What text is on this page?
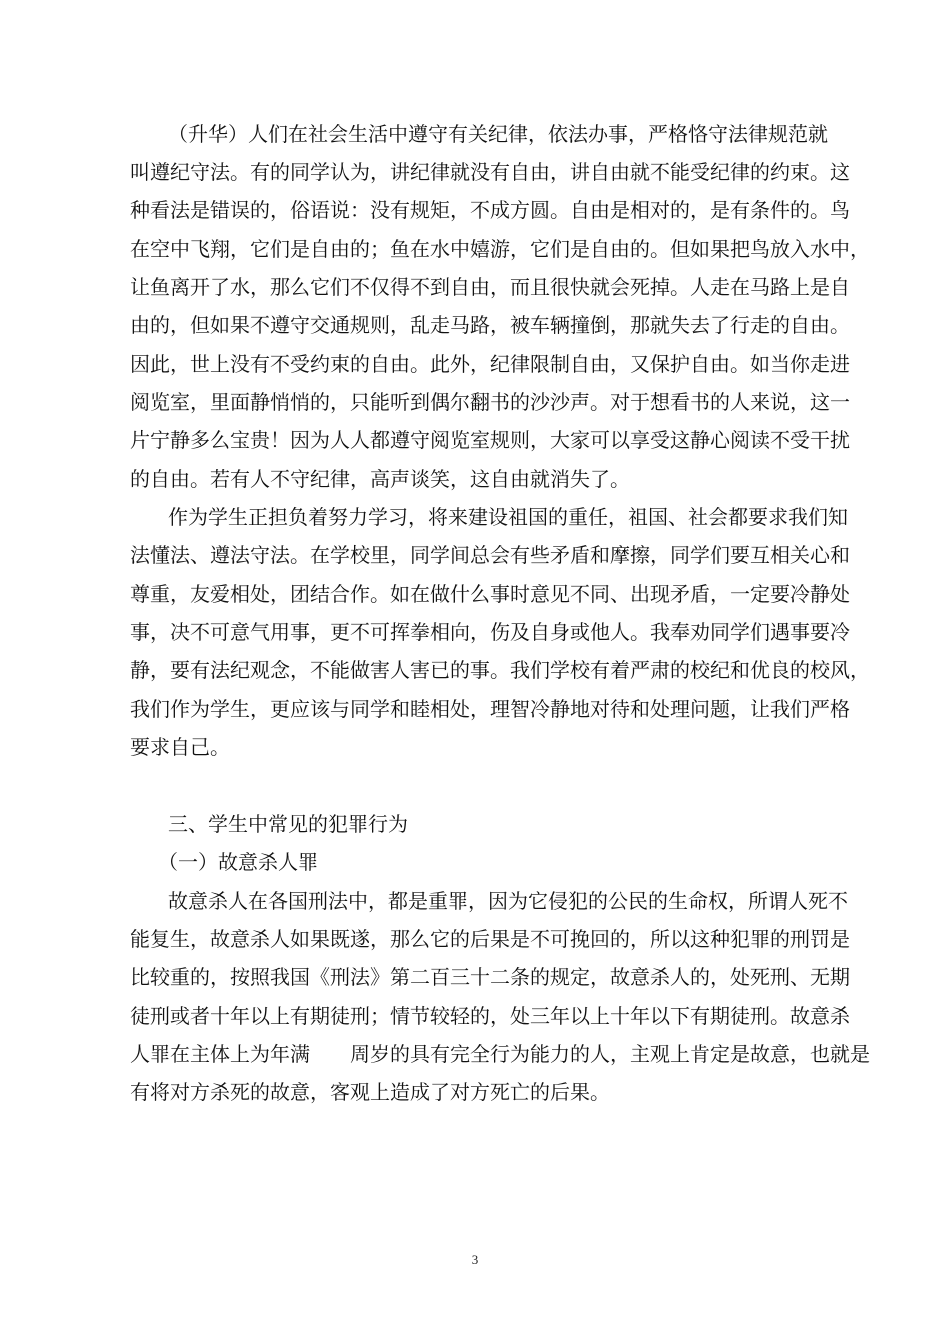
（升华）人们在社会生活中遵守有关纪律，依法办事，严格恪守法律规范就
叫遵纪守法。有的同学认为，讲纪律就没有自由，讲自由就不能受纪律的约束。这
种看法是错误的，俗语说：没有规矩，不成方圆。自由是相对的，是有条件的。鸟
在空中飞翔，它们是自由的；鱼在水中嬉游，它们是自由的。但如果把鸟放入水中，
让鱼离开了水，那么它们不仅得不到自由，而且很快就会死掉。人走在马路上是自
由的，但如果不遵守交通规则，乱走马路，被车辆撞倒，那就失去了行走的自由。
因此，世上没有不受约束的自由。此外，纪律限制自由，又保护自由。如当你走进
阅览室，里面静悄悄的，只能听到偶尔翻书的沙沙声。对于想看书的人来说，这一
片宁静多么宝贵！因为人人都遵守阅览室规则，大家可以享受这静心阅读不受干扰
的自由。若有人不守纪律，高声谈笑，这自由就消失了。
作为学生正担负着努力学习，将来建设祖国的重任，祖国、社会都要求我们知
法懂法、遵法守法。在学校里，同学间总会有些矛盾和摩擦，同学们要互相关心和
尊重，友爱相处，团结合作。如在做什么事时意见不同、出现矛盾，一定要冷静处
事，决不可意气用事，更不可挥拳相向，伤及自身或他人。我奉劝同学们遇事要冷
静，要有法纪观念，不能做害人害已的事。我们学校有着严肃的校纪和优良的校风，
我们作为学生，更应该与同学和睦相处，理智冷静地对待和处理问题，让我们严格
要求自己。
三、学生中常见的犯罪行为
（一）故意杀人罪
故意杀人在各国刑法中，都是重罪，因为它侵犯的公民的生命权，所谓人死不
能复生，故意杀人如果既遂，那么它的后果是不可挽回的，所以这种犯罪的刑罚是
比较重的，按照我国《刑法》第二百三十二条的规定，故意杀人的，处死刑、无期
徒刑或者十年以上有期徒刑；情节较轻的，处三年以上十年以下有期徒刑。故意杀
人罪在主体上为年满　　周岁的具有完全行为能力的人，主观上肯定是故意，也就是
有将对方杀死的故意，客观上造成了对方死亡的后果。
3
